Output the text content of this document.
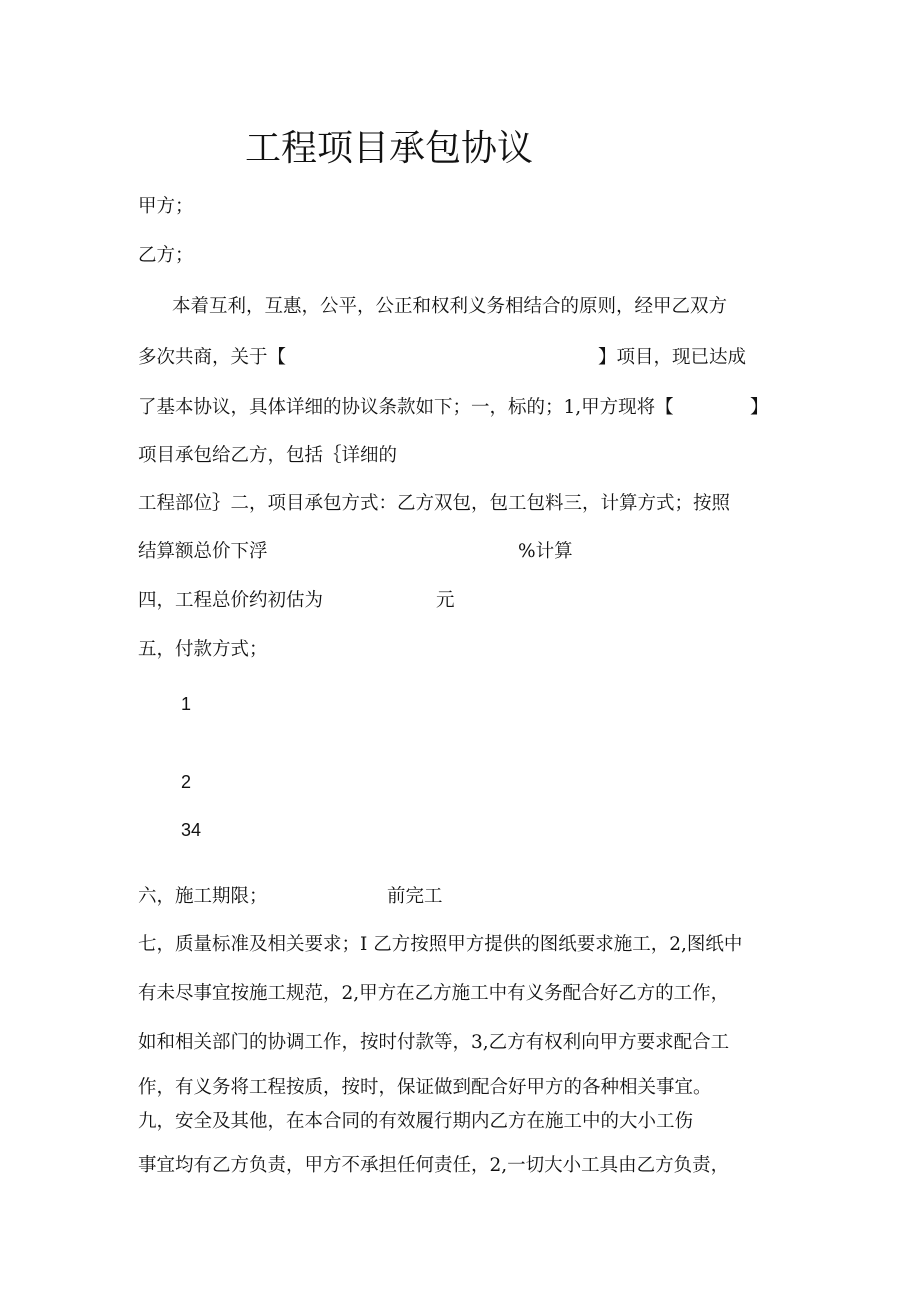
工程项目承包协议
甲方；
乙方；
本着互利，互惠，公平，公正和权利义务相结合的原则，经甲乙双方
多次共商，关于【	】项目，现已达成
了基本协议，具体详细的协议条款如下；一，标的；1,甲方现将【	】
项目承包给乙方，包括｛详细的
工程部位｝二，项目承包方式：乙方双包，包工包料三，计算方式；按照
结算额总价下浮	%计算
四，工程总价约初估为	元
五，付款方式；
1
2
34
六，施工期限；	前完工
七，质量标准及相关要求；I 乙方按照甲方提供的图纸要求施工，2,图纸中
有未尽事宜按施工规范，2,甲方在乙方施工中有义务配合好乙方的工作，
如和相关部门的协调工作，按时付款等，3,乙方有权利向甲方要求配合工
作，有义务将工程按质，按时，保证做到配合好甲方的各种相关事宜。
九，安全及其他，在本合同的有效履行期内乙方在施工中的大小工伤
事宜均有乙方负责，甲方不承担任何责任，2,一切大小工具由乙方负责，
